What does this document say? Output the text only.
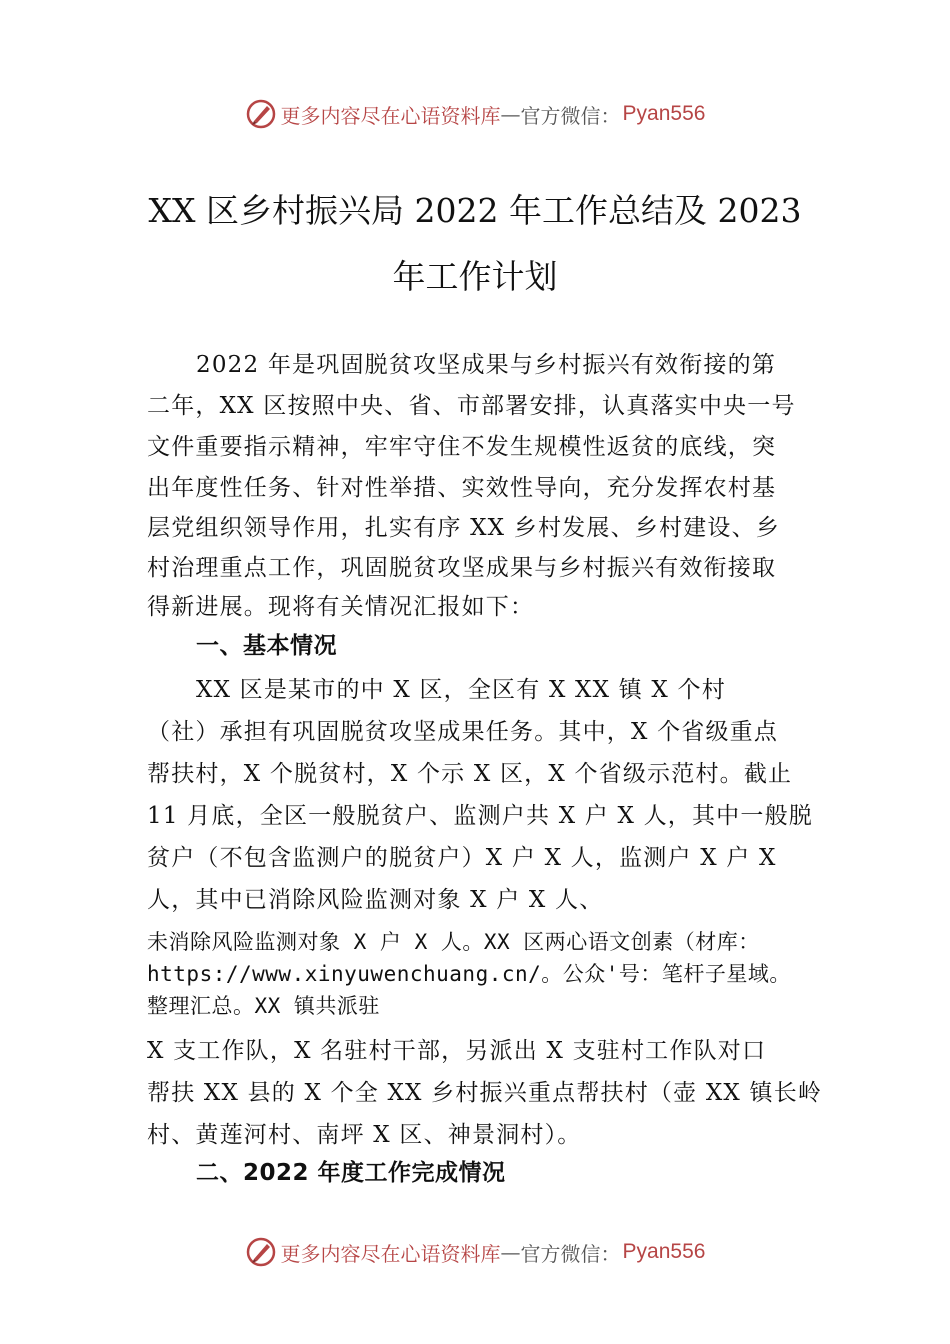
更多内容尽在心语资料库 — 官方微信： Pyan556
XX 区乡村振兴局 2022 年工作总结及 2023
年工作计划
2022 年是巩固脱贫攻坚成果与乡村振兴有效衔接的第
二年，XX 区按照中央、省、市部署安排，认真落实中央一号
文件重要指示精神，牢牢守住不发生规模性返贫的底线，突
出年度性任务、针对性举措、实效性导向，充分发挥农村基
层党组织领导作用，扎实有序 XX 乡村发展、乡村建设、乡
村治理重点工作，巩固脱贫攻坚成果与乡村振兴有效衔接取
得新进展。现将有关情况汇报如下：
一、基本情况
XX 区是某市的中 X 区，全区有 X XX 镇 X 个村
（社）承担有巩固脱贫攻坚成果任务。其中，X 个省级重点
帮扶村，X 个脱贫村，X 个示 X 区，X 个省级示范村。截止
11 月底，全区一般脱贫户、监测户共 X 户 X 人，其中一般脱
贫户（不包含监测户的脱贫户）X 户 X 人，监测户 X 户 X
人，其中已消除风险监测对象 X 户 X 人、
未消除风险监测对象 X 户 X 人。XX 区两心语文创素（材库：
https://www.xinyuwenchuang.cn/。公众'号：笔杆子星域。
整理汇总。XX 镇共派驻
X 支工作队，X 名驻村干部，另派出 X 支驻村工作队对口
帮扶 XX 县的 X 个全 XX 乡村振兴重点帮扶村（壶 XX 镇长岭
村、黄莲河村、南坪 X 区、神景洞村）。
二、2022 年度工作完成情况
更多内容尽在心语资料库 — 官方微信： Pyan556
